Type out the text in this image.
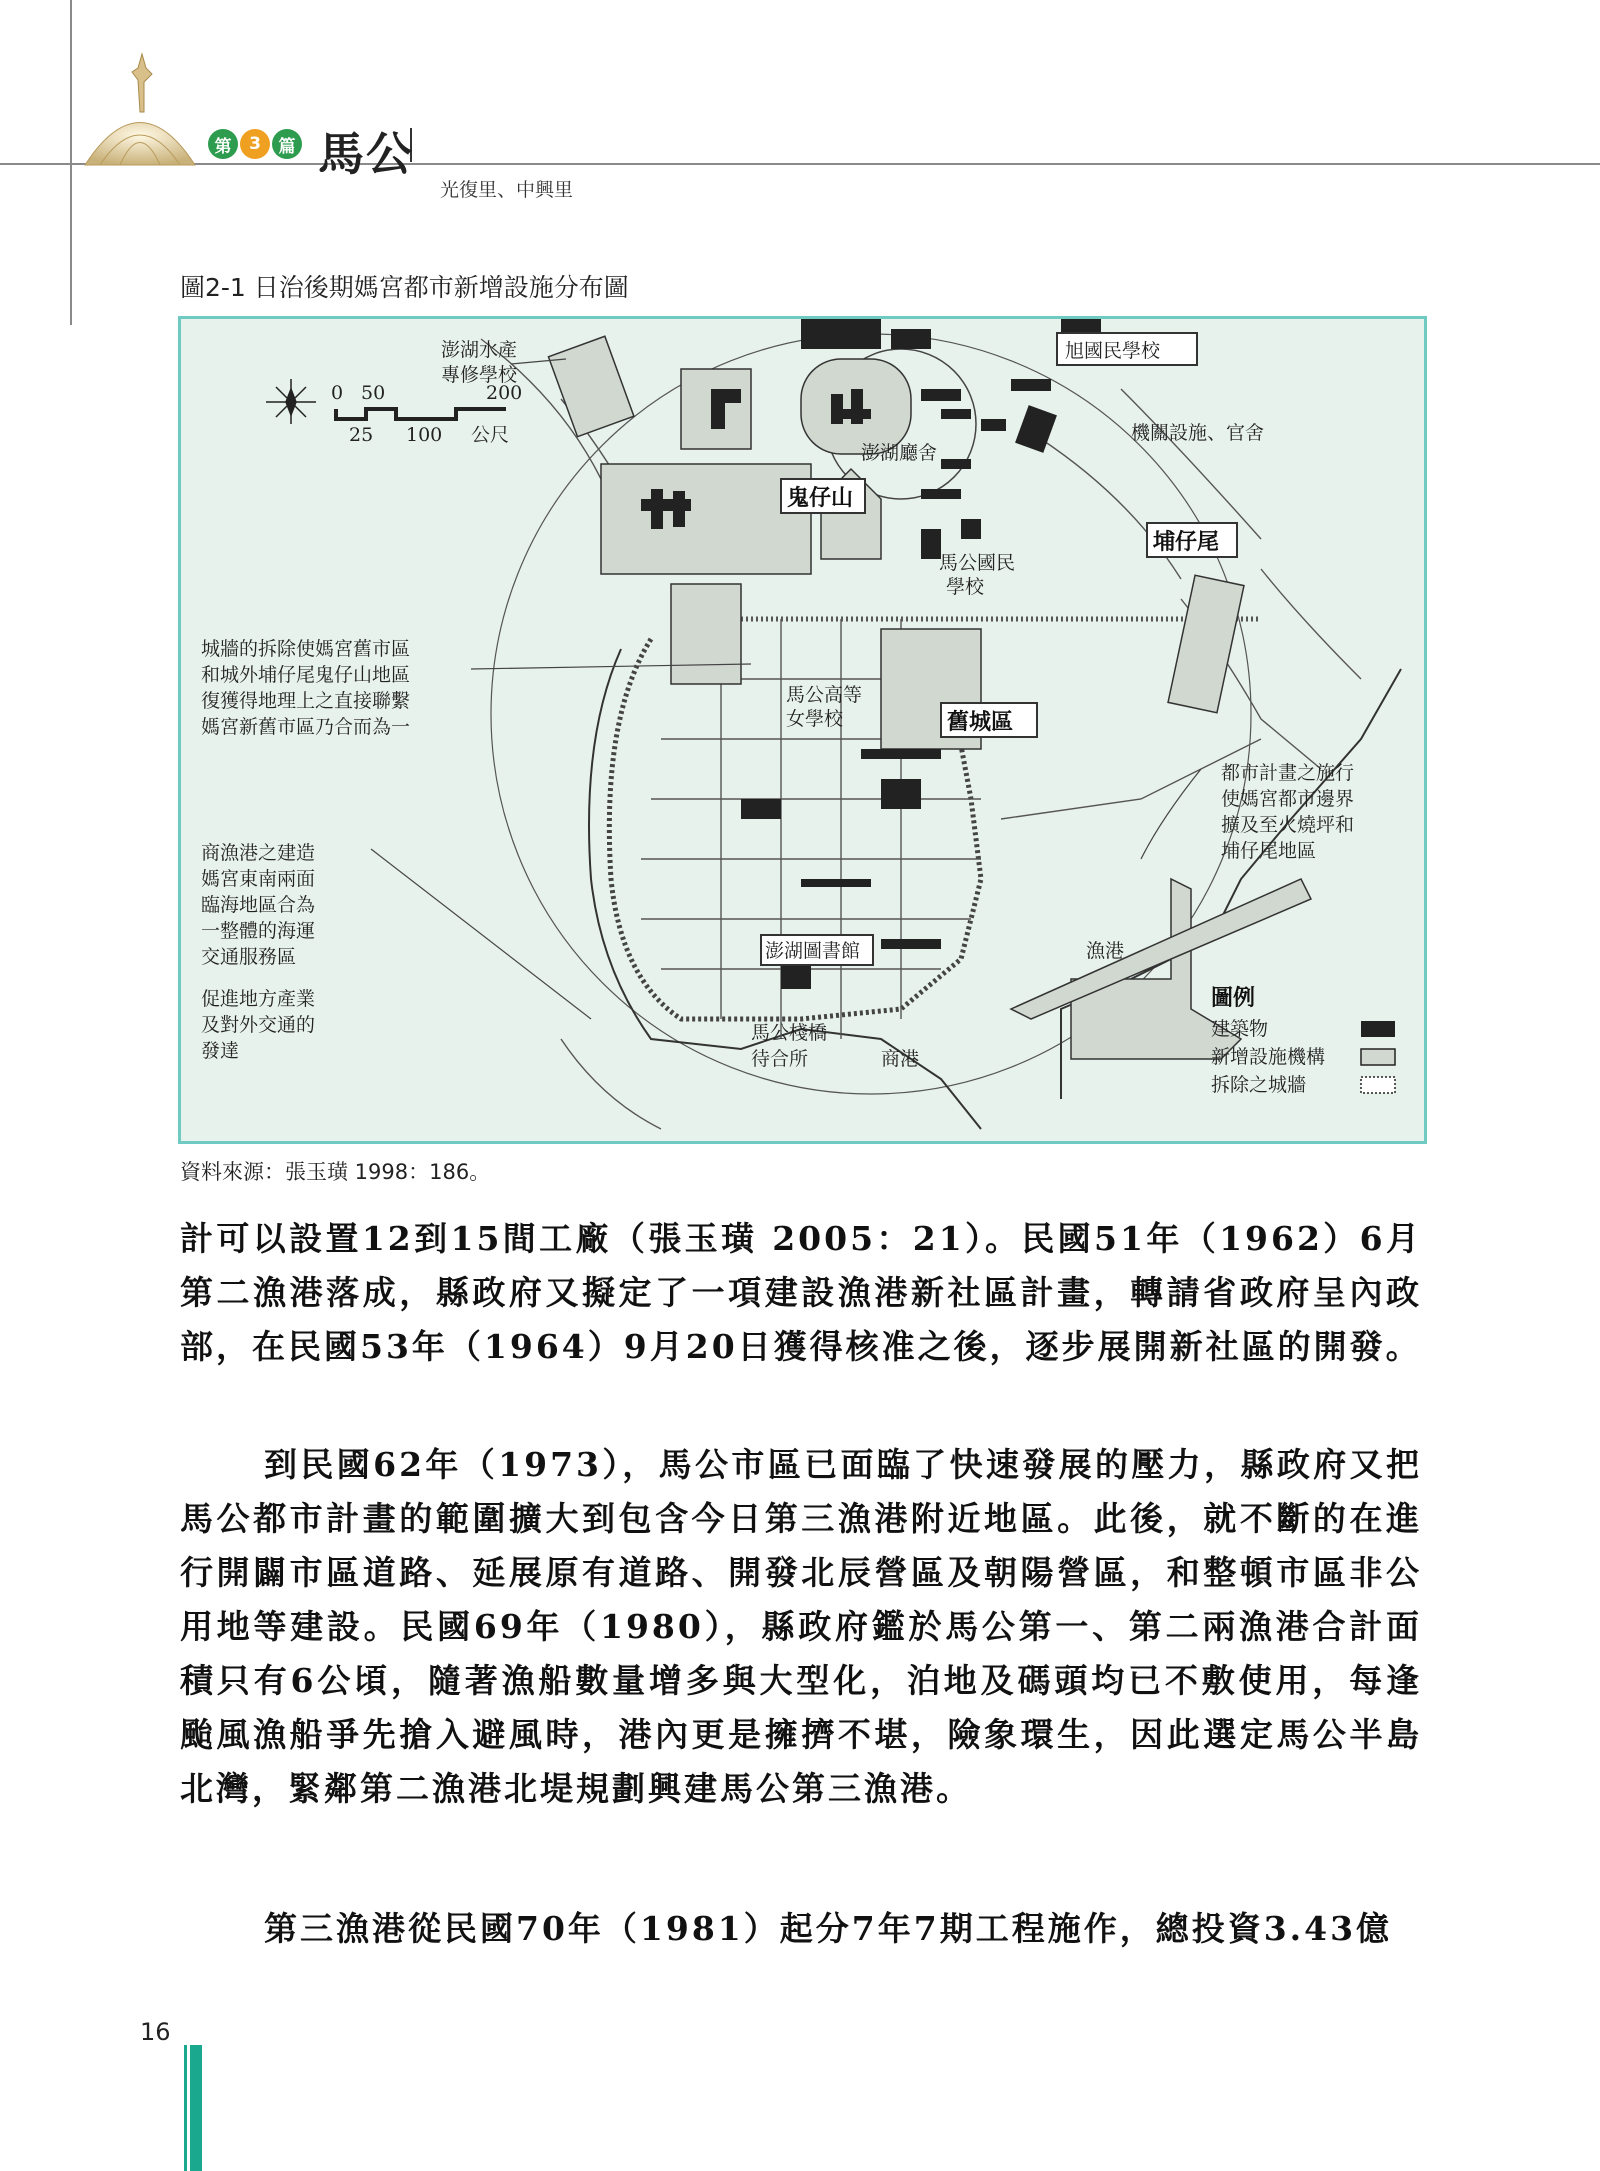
第	3	篇 馬公
光復里、中興里
圖2-1 日治後期媽宮都市新增設施分布圖
0 50	200
25 100 公尺
澎湖水產
專修學校
旭國民學校
機關設施、官舍
澎湖廳舍
鬼仔山
埔仔尾
馬公國民
學校
馬公高等
女學校	舊城區
澎湖圖書館	漁港
馬公棧橋
待合所	商港
城牆的拆除使媽宮舊市區
和城外埔仔尾鬼仔山地區
復獲得地理上之直接聯繫
媽宮新舊市區乃合而為一
商漁港之建造
媽宮東南兩面
臨海地區合為
一整體的海運
交通服務區
促進地方產業
及對外交通的
發達
都市計畫之施行
使媽宮都市邊界
擴及至火燒坪和
埔仔尾地區
圖例
建築物
新增設施機構
拆除之城牆
資料來源：張玉璜 1998：186。

計可以設置12到15間工廠（張玉璜 2005：21）。民國51年（1962）6月第二漁港落成，縣政府又擬定了一項建設漁港新社區計畫，轉請省政府呈內政部，在民國53年（1964）9月20日獲得核准之後，逐步展開新社區的開發。

到民國62年（1973），馬公市區已面臨了快速發展的壓力，縣政府又把馬公都市計畫的範圍擴大到包含今日第三漁港附近地區。此後，就不斷的在進行開闢市區道路、延展原有道路、開發北辰營區及朝陽營區，和整頓市區非公用地等建設。民國69年（1980），縣政府鑑於馬公第一、第二兩漁港合計面積只有6公頃，隨著漁船數量增多與大型化，泊地及碼頭均已不敷使用，每逢颱風漁船爭先搶入避風時，港內更是擁擠不堪，險象環生，因此選定馬公半島北灣，緊鄰第二漁港北堤規劃興建馬公第三漁港。

第三漁港從民國70年（1981）起分7年7期工程施作，總投資3.43億

16
